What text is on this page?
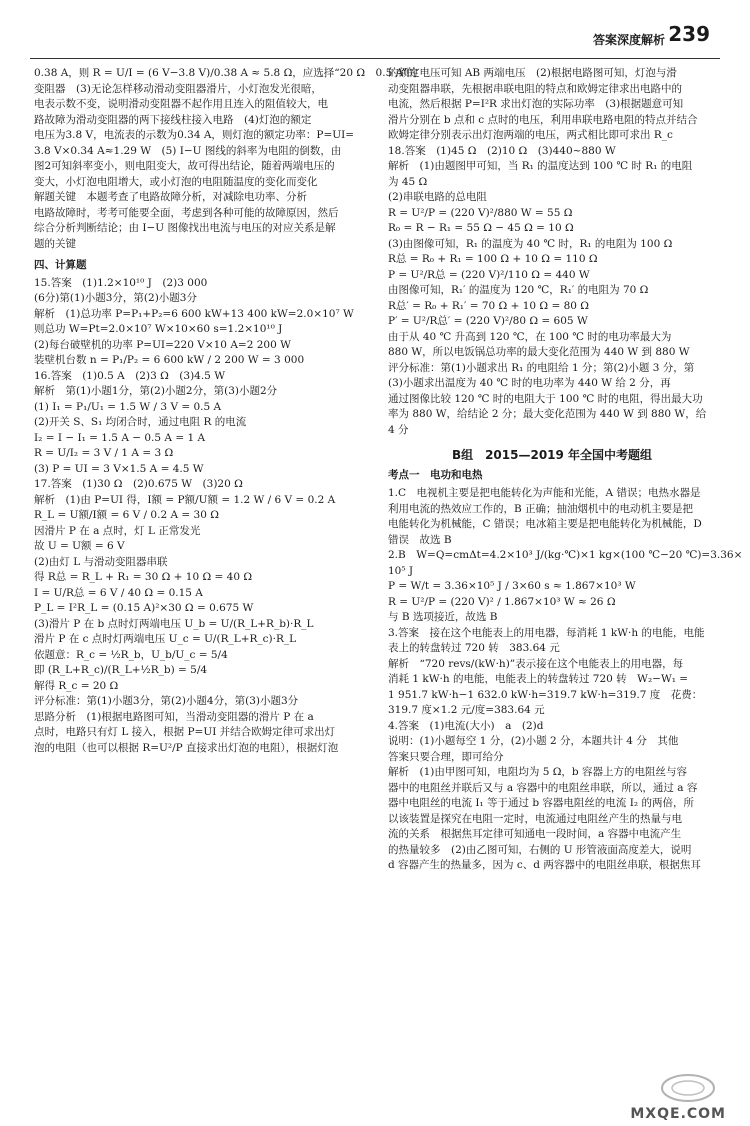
答案深度解析 239
0.38 A，则 R = U/I = (6 V−3.8 V)/0.38 A ≈ 5.8 Ω，应选择“20 Ω　0.5 A”的
变阻器　(3)无论怎样移动滑动变阻器滑片，小灯泡发光很暗，
电表示数不变，说明滑动变阻器不起作用且连入的阻值较大，电
路故障为滑动变阻器的两下接线柱接入电路　(4)灯泡的额定
电压为3.8 V，电流表的示数为0.34 A，则灯泡的额定功率：P=UI=
3.8 V×0.34 A≈1.29 W　(5) I−U 图线的斜率为电阻的倒数，由
图2可知斜率变小，则电阻变大，故可得出结论，随着两端电压的
变大，小灯泡电阻增大，或小灯泡的电阻随温度的变化而变化
解题关键　本题考查了电路故障分析，对减除电功率、分析
电路故障时，考考可能要全面，考虑到各种可能的故障原因，然后
综合分析判断结论；由 I−U 图像找出电流与电压的对应关系是解
题的关键
四、计算题
15.答案　(1)1.2×10¹⁰ J　(2)3 000
(6分)第(1)小题3分，第(2)小题3分
解析　(1)总功率 P=P₁+P₂=6 600 kW+13 400 kW=2.0×10⁷ W
则总功 W=Pt=2.0×10⁷ W×10×60 s=1.2×10¹⁰ J
(2)每台破壁机的功率 P=UI=220 V×10 A=2 200 W
装壁机台数 n = P₁/P₂ = 6 600 kW / 2 200 W = 3 000
16.答案　(1)0.5 A　(2)3 Ω　(3)4.5 W
解析　第(1)小题1分，第(2)小题2分，第(3)小题2分
(1) I₁ = P₁/U₁ = 1.5 W / 3 V = 0.5 A
(2)开关 S、S₁ 均闭合时，通过电阻 R 的电流
I₂ = I − I₁ = 1.5 A − 0.5 A = 1 A
R = U/I₂ = 3 V / 1 A = 3 Ω
(3) P = UI = 3 V×1.5 A = 4.5 W
17.答案　(1)30 Ω　(2)0.675 W　(3)20 Ω
解析　(1)由 P=UI 得，I额 = P额/U额 = 1.2 W / 6 V = 0.2 A
R_L = U额/I额 = 6 V / 0.2 A = 30 Ω
因滑片 P 在 a 点时，灯 L 正常发光
故 U = U额 = 6 V
(2)由灯 L 与滑动变阻器串联
得 R总 = R_L + R₁ = 30 Ω + 10 Ω = 40 Ω
I = U/R总 = 6 V / 40 Ω = 0.15 A
P_L = I²R_L = (0.15 A)²×30 Ω = 0.675 W
(3)滑片 P 在 b 点时灯两端电压 U_b = U/(R_L+R_b)·R_L
滑片 P 在 c 点时灯两端电压 U_c = U/(R_L+R_c)·R_L
依题意：R_c = ½R_b，U_b/U_c = 5/4
即 (R_L+R_c)/(R_L+½R_b) = 5/4
解得 R_c = 20 Ω
评分标准：第(1)小题3分，第(2)小题4分，第(3)小题3分
思路分析　(1)根据电路图可知，当滑动变阻器的滑片 P 在 a
点时，电路只有灯 L 接入，根据 P=UI 并结合欧姆定律可求出灯
泡的电阻（也可以根据 R=U²/P 直接求出灯泡的电阻），根据灯泡
的额定电压可知 AB 两端电压　(2)根据电路图可知，灯泡与滑
动变阻器串联，先根据串联电阻的特点和欧姆定律求出电路中的
电流，然后根据 P=I²R 求出灯泡的实际功率　(3)根据题意可知
滑片分别在 b 点和 c 点时的电压，利用串联电路电阻的特点并结合
欧姆定律分别表示出灯泡两端的电压，两式相比即可求出 R_c
18.答案　(1)45 Ω　(2)10 Ω　(3)440~880 W
解析　(1)由题图甲可知，当 R₁ 的温度达到 100 ℃ 时 R₁ 的电阻
为 45 Ω
(2)串联电路的总电阻
R = U²/P = (220 V)²/880 W = 55 Ω
R₀ = R − R₁ = 55 Ω − 45 Ω = 10 Ω
(3)由图像可知，R₁ 的温度为 40 ℃ 时，R₁ 的电阻为 100 Ω
R总 = R₀ + R₁ = 100 Ω + 10 Ω = 110 Ω
P = U²/R总 = (220 V)²/110 Ω = 440 W
由图像可知，R₁′ 的温度为 120 ℃，R₁′ 的电阻为 70 Ω
R总′ = R₀ + R₁′ = 70 Ω + 10 Ω = 80 Ω
P′ = U²/R总′ = (220 V)²/80 Ω = 605 W
由于从 40 ℃ 升高到 120 ℃，在 100 ℃ 时的电功率最大为
880 W，所以电饭锅总功率的最大变化范围为 440 W 到 880 W
评分标准：第(1)小题求出 R₁ 的电阻给 1 分；第(2)小题 3 分，第
(3)小题求出温度为 40 ℃ 时的电功率为 440 W 给 2 分，再
通过图像比较 120 ℃ 时的电阻大于 100 ℃ 时的电阻，得出最大功
率为 880 W，给结论 2 分；最大变化范围为 440 W 到 880 W，给
4 分
B组　2015—2019 年全国中考题组
考点一　电功和电热
1.C　电视机主要是把电能转化为声能和光能，A 错误；电热水器是
利用电流的热效应工作的，B 正确；抽油烟机中的电动机主要是把
电能转化为机械能，C 错误；电冰箱主要是把电能转化为机械能，D
错误　故选 B
2.B　W=Q=cmΔt=4.2×10³ J/(kg·℃)×1 kg×(100 ℃−20 ℃)=3.36×
10⁵ J
P = W/t = 3.36×10⁵ J / 3×60 s ≈ 1.867×10³ W
R = U²/P = (220 V)² / 1.867×10³ W ≈ 26 Ω
与 B 选项接近，故选 B
3.答案　接在这个电能表上的用电器，每消耗 1 kW·h 的电能，电能
表上的转盘转过 720 转　383.64 元
解析　“720 revs/(kW·h)”表示接在这个电能表上的用电器，每
消耗 1 kW·h 的电能，电能表上的转盘转过 720 转　W₂−W₁ =
1 951.7 kW·h−1 632.0 kW·h=319.7 kW·h=319.7 度　花费：
319.7 度×1.2 元/度=383.64 元
4.答案　(1)电流(大小)　a　(2)d
说明：(1)小题每空 1 分，(2)小题 2 分，本题共计 4 分　其他
答案只要合理，即可给分
解析　(1)由甲图可知，电阻均为 5 Ω，b 容器上方的电阻丝与容
器中的电阻丝并联后又与 a 容器中的电阻丝串联，所以，通过 a 容
器中电阻丝的电流 I₁ 等于通过 b 容器电阻丝的电流 I₂ 的两倍，所
以该装置是探究在电阻一定时，电流通过电阻丝产生的热量与电
流的关系　根据焦耳定律可知通电一段时间，a 容器中电流产生
的热量较多　(2)由乙图可知，右侧的 U 形管液面高度差大，说明
d 容器产生的热量多，因为 c、d 两容器中的电阻丝串联，根据焦耳
MXQE.COM
